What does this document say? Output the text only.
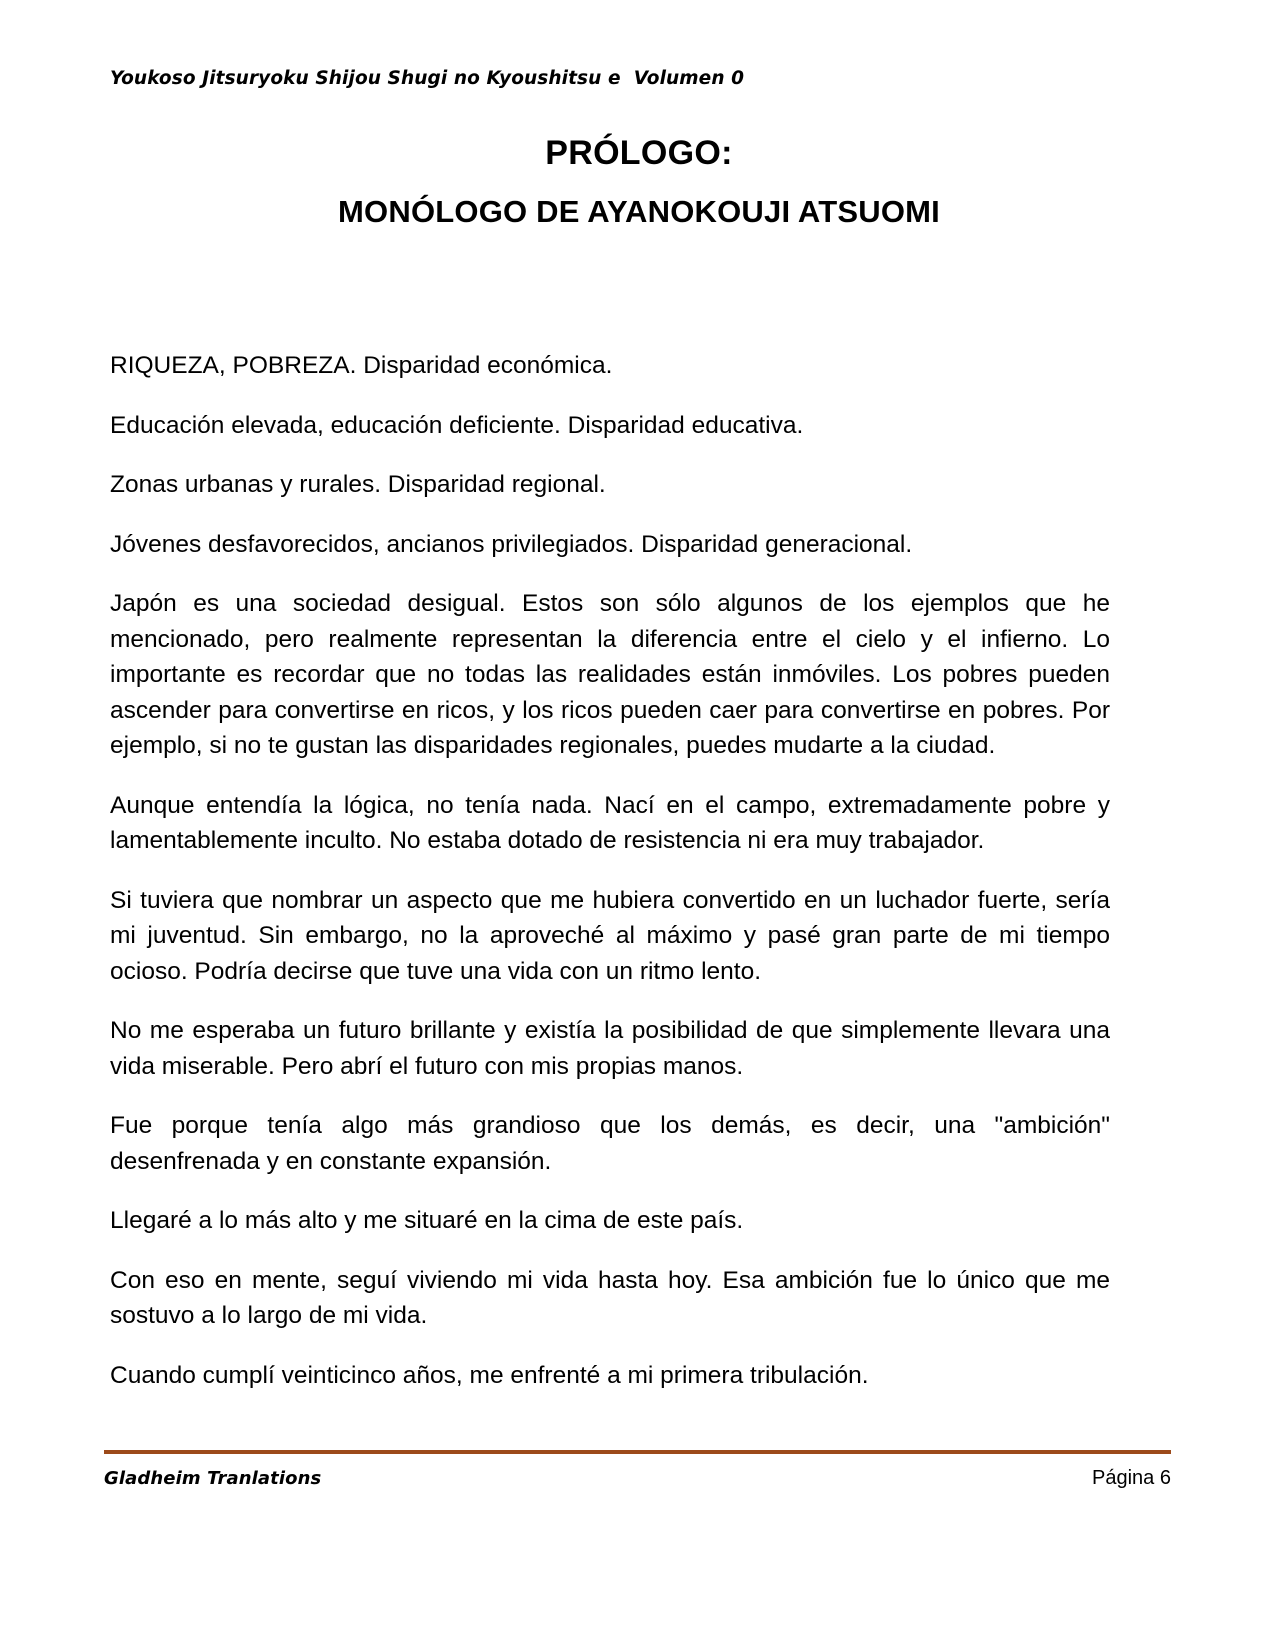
Youkoso Jitsuryoku Shijou Shugi no Kyoushitsu e  Volumen 0
PRÓLOGO:
MONÓLOGO DE AYANOKOUJI ATSUOMI

RIQUEZA, POBREZA. Disparidad económica.

Educación elevada, educación deficiente. Disparidad educativa.

Zonas urbanas y rurales. Disparidad regional.

Jóvenes desfavorecidos, ancianos privilegiados. Disparidad generacional.

Japón es una sociedad desigual. Estos son sólo algunos de los ejemplos que he mencionado, pero realmente representan la diferencia entre el cielo y el infierno. Lo importante es recordar que no todas las realidades están inmóviles. Los pobres pueden ascender para convertirse en ricos, y los ricos pueden caer para convertirse en pobres. Por ejemplo, si no te gustan las disparidades regionales, puedes mudarte a la ciudad.

Aunque entendía la lógica, no tenía nada. Nací en el campo, extremadamente pobre y lamentablemente inculto. No estaba dotado de resistencia ni era muy trabajador.

Si tuviera que nombrar un aspecto que me hubiera convertido en un luchador fuerte, sería mi juventud. Sin embargo, no la aproveché al máximo y pasé gran parte de mi tiempo ocioso. Podría decirse que tuve una vida con un ritmo lento.

No me esperaba un futuro brillante y existía la posibilidad de que simplemente llevara una vida miserable. Pero abrí el futuro con mis propias manos.

Fue porque tenía algo más grandioso que los demás, es decir, una "ambición" desenfrenada y en constante expansión.

Llegaré a lo más alto y me situaré en la cima de este país.

Con eso en mente, seguí viviendo mi vida hasta hoy. Esa ambición fue lo único que me sostuvo a lo largo de mi vida.

Cuando cumplí veinticinco años, me enfrenté a mi primera tribulación.

Gladheim Tranlations	Página 6
